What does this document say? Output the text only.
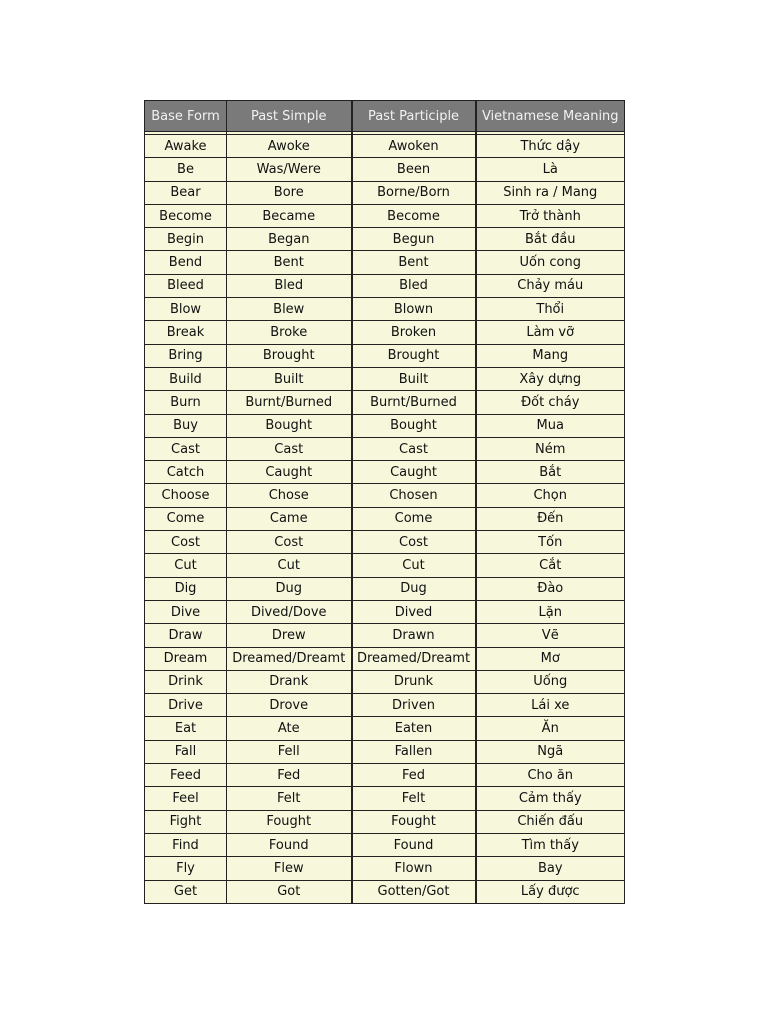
Base Form	Past Simple	Past Participle	Vietnamese Meaning

Awake	Awoke	Awoken	Thức dậy
Be	Was/Were	Been	Là
Bear	Bore	Borne/Born	Sinh ra / Mang
Become	Became	Become	Trở thành
Begin	Began	Begun	Bắt đầu
Bend	Bent	Bent	Uốn cong
Bleed	Bled	Bled	Chảy máu
Blow	Blew	Blown	Thổi
Break	Broke	Broken	Làm vỡ
Bring	Brought	Brought	Mang
Build	Built	Built	Xây dựng
Burn	Burnt/Burned	Burnt/Burned	Đốt cháy
Buy	Bought	Bought	Mua
Cast	Cast	Cast	Ném
Catch	Caught	Caught	Bắt
Choose	Chose	Chosen	Chọn
Come	Came	Come	Đến
Cost	Cost	Cost	Tốn
Cut	Cut	Cut	Cắt
Dig	Dug	Dug	Đào
Dive	Dived/Dove	Dived	Lặn
Draw	Drew	Drawn	Vẽ
Dream	Dreamed/Dreamt	Dreamed/Dreamt	Mơ
Drink	Drank	Drunk	Uống
Drive	Drove	Driven	Lái xe
Eat	Ate	Eaten	Ăn
Fall	Fell	Fallen	Ngã
Feed	Fed	Fed	Cho ăn
Feel	Felt	Felt	Cảm thấy
Fight	Fought	Fought	Chiến đấu
Find	Found	Found	Tìm thấy
Fly	Flew	Flown	Bay
Get	Got	Gotten/Got	Lấy được
